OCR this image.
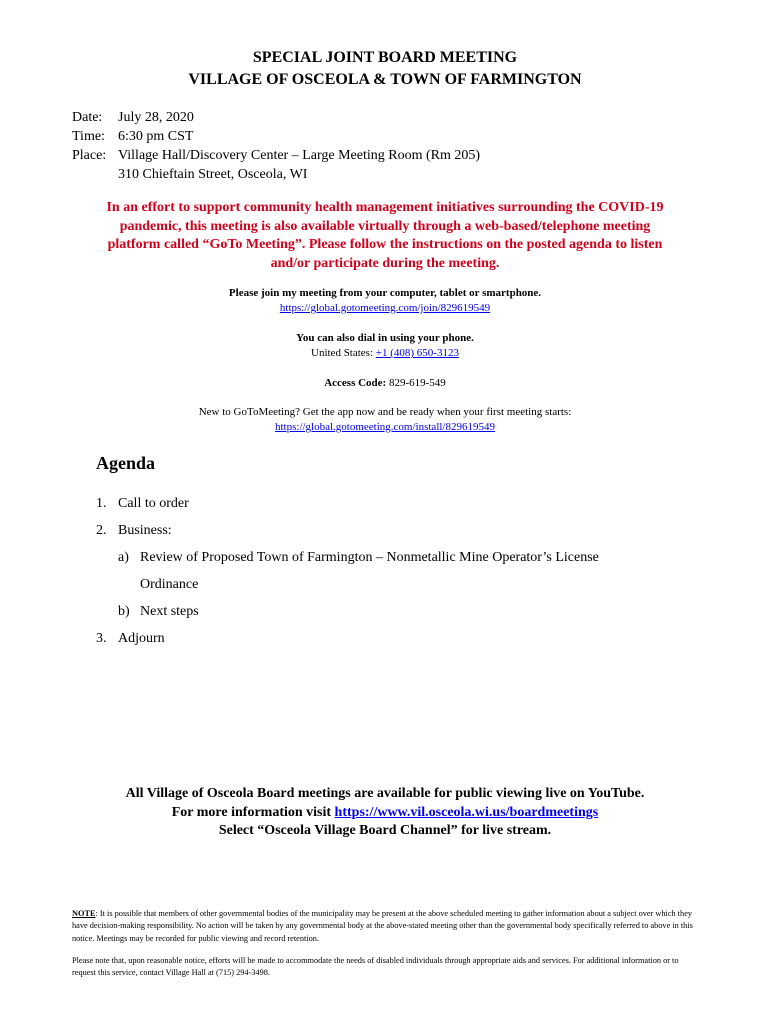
SPECIAL JOINT BOARD MEETING
VILLAGE OF OSCEOLA & TOWN OF FARMINGTON
Date:	July 28, 2020
Time: 6:30 pm CST
Place: Village Hall/Discovery Center – Large Meeting Room (Rm 205)
310 Chieftain Street, Osceola, WI
In an effort to support community health management initiatives surrounding the COVID-19
pandemic, this meeting is also available virtually through a web-based/telephone meeting
platform called “GoTo Meeting”. Please follow the instructions on the posted agenda to listen
and/or participate during the meeting.
Please join my meeting from your computer, tablet or smartphone.
https://global.gotomeeting.com/join/829619549
You can also dial in using your phone.
United States: +1 (408) 650-3123
Access Code: 829-619-549
New to GoToMeeting? Get the app now and be ready when your first meeting starts:
https://global.gotomeeting.com/install/829619549
Agenda
1. Call to order
2. Business:
a) Review of Proposed Town of Farmington – Nonmetallic Mine Operator’s License
Ordinance
b) Next steps
3. Adjourn
All Village of Osceola Board meetings are available for public viewing live on YouTube.
For more information visit https://www.vil.osceola.wi.us/boardmeetings
Select “Osceola Village Board Channel” for live stream.
NOTE: It is possible that members of other governmental bodies of the municipality may be present at the above scheduled meeting to gather information about a subject over which they have decision-making responsibility. No action will be taken by any governmental body at the above-stated meeting other than the governmental body specifically referred to above in this notice. Meetings may be recorded for public viewing and record retention.
Please note that, upon reasonable notice, efforts will be made to accommodate the needs of disabled individuals through appropriate aids and services. For additional information or to request this service, contact Village Hall at (715) 294-3498.
